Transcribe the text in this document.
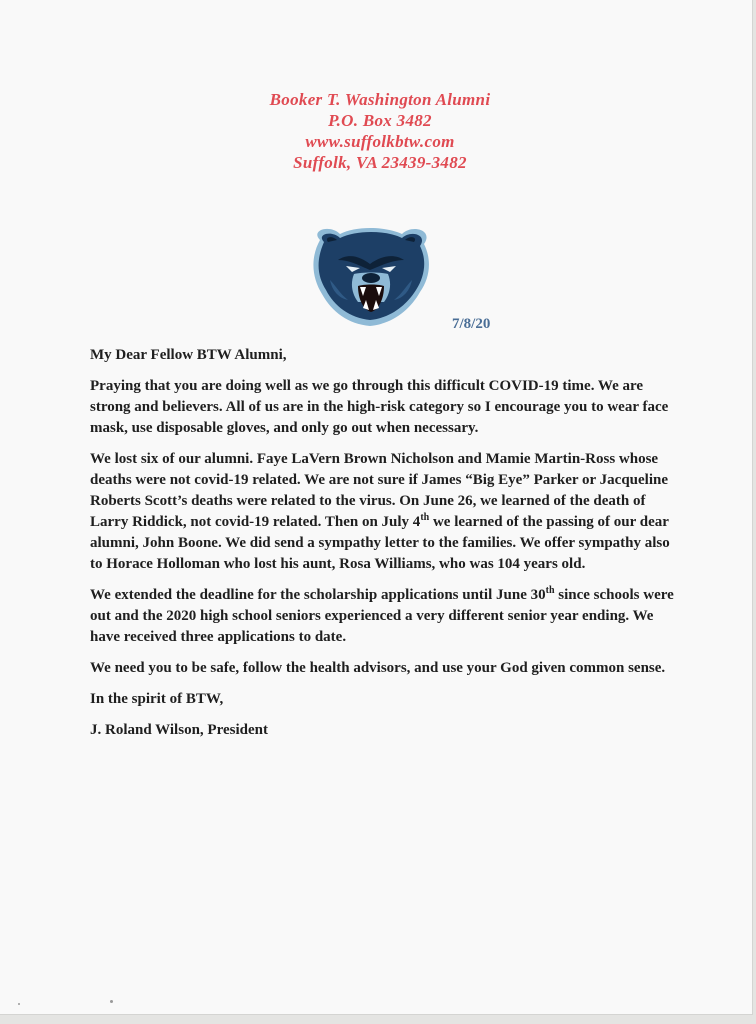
Booker T. Washington Alumni
P.O. Box 3482
www.suffolkbtw.com
Suffolk, VA 23439-3482
7/8/20

My Dear Fellow BTW Alumni,

Praying that you are doing well as we go through this difficult COVID-19 time. We are strong and believers. All of us are in the high-risk category so I encourage you to wear face mask, use disposable gloves, and only go out when necessary.

We lost six of our alumni. Faye LaVern Brown Nicholson and Mamie Martin-Ross whose deaths were not covid-19 related. We are not sure if James “Big Eye” Parker or Jacqueline Roberts Scott’s deaths were related to the virus. On June 26, we learned of the death of Larry Riddick, not covid-19 related. Then on July 4th we learned of the passing of our dear alumni, John Boone. We did send a sympathy letter to the families. We offer sympathy also to Horace Holloman who lost his aunt, Rosa Williams, who was 104 years old.

We extended the deadline for the scholarship applications until June 30th since schools were out and the 2020 high school seniors experienced a very different senior year ending. We have received three applications to date.

We need you to be safe, follow the health advisors, and use your God given common sense.

In the spirit of BTW,

J. Roland Wilson, President
